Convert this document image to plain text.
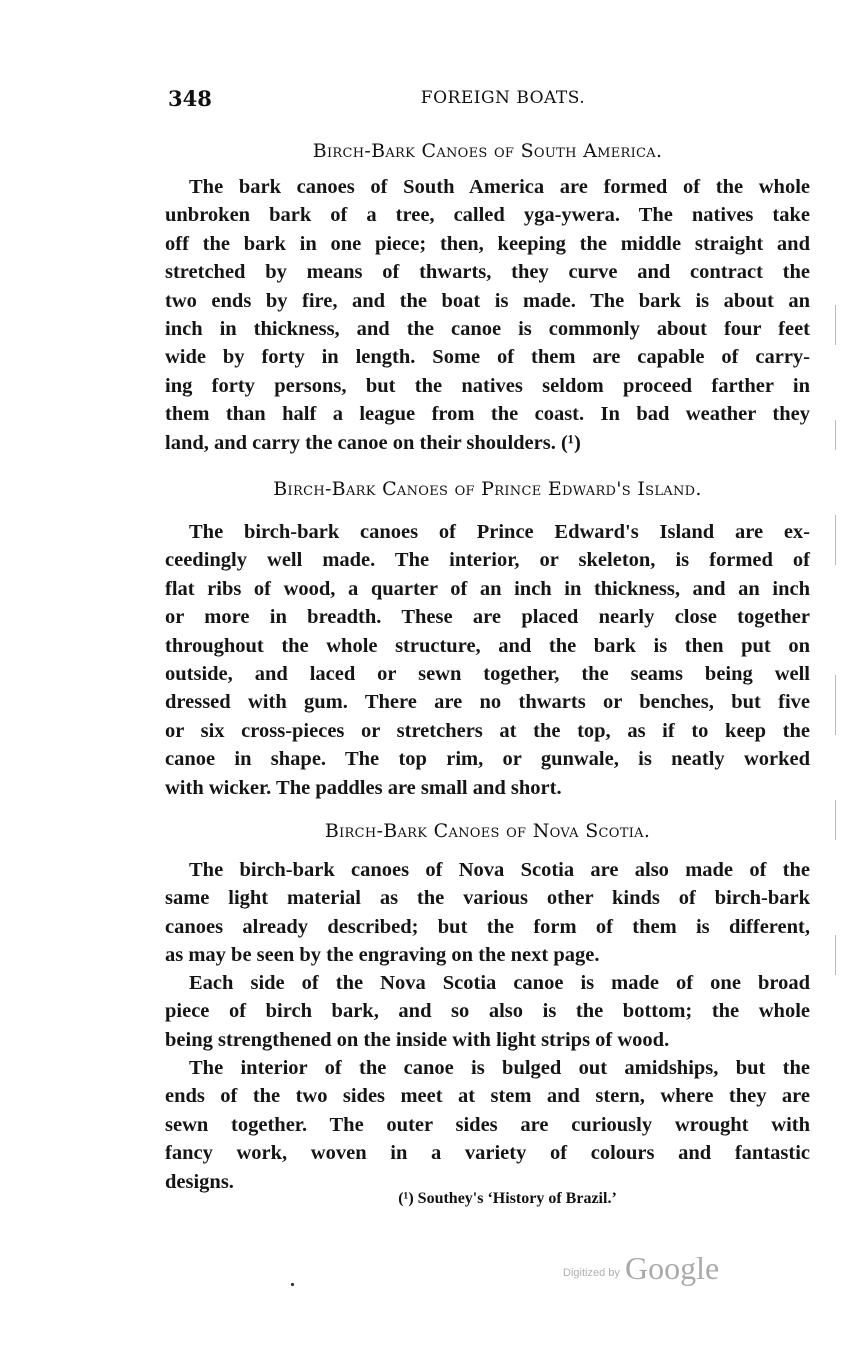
348	FOREIGN BOATS.
Birch-Bark Canoes of South America.
The bark canoes of South America are formed of the whole
unbroken bark of a tree, called yga-ywera. The natives take
off the bark in one piece; then, keeping the middle straight and
stretched by means of thwarts, they curve and contract the
two ends by fire, and the boat is made. The bark is about an
inch in thickness, and the canoe is commonly about four feet
wide by forty in length. Some of them are capable of carry-
ing forty persons, but the natives seldom proceed farther in
them than half a league from the coast. In bad weather they
land, and carry the canoe on their shoulders. (¹)
Birch-Bark Canoes of Prince Edward's Island.
The birch-bark canoes of Prince Edward's Island are ex-
ceedingly well made. The interior, or skeleton, is formed of
flat ribs of wood, a quarter of an inch in thickness, and an inch
or more in breadth. These are placed nearly close together
throughout the whole structure, and the bark is then put on
outside, and laced or sewn together, the seams being well
dressed with gum. There are no thwarts or benches, but five
or six cross-pieces or stretchers at the top, as if to keep the
canoe in shape. The top rim, or gunwale, is neatly worked
with wicker. The paddles are small and short.
Birch-Bark Canoes of Nova Scotia.
The birch-bark canoes of Nova Scotia are also made of the
same light material as the various other kinds of birch-bark
canoes already described; but the form of them is different,
as may be seen by the engraving on the next page.
Each side of the Nova Scotia canoe is made of one broad
piece of birch bark, and so also is the bottom; the whole
being strengthened on the inside with light strips of wood.
The interior of the canoe is bulged out amidships, but the
ends of the two sides meet at stem and stern, where they are
sewn together. The outer sides are curiously wrought with
fancy work, woven in a variety of colours and fantastic
designs.
(¹) Southey's ‘History of Brazil.’
Digitized by Google
